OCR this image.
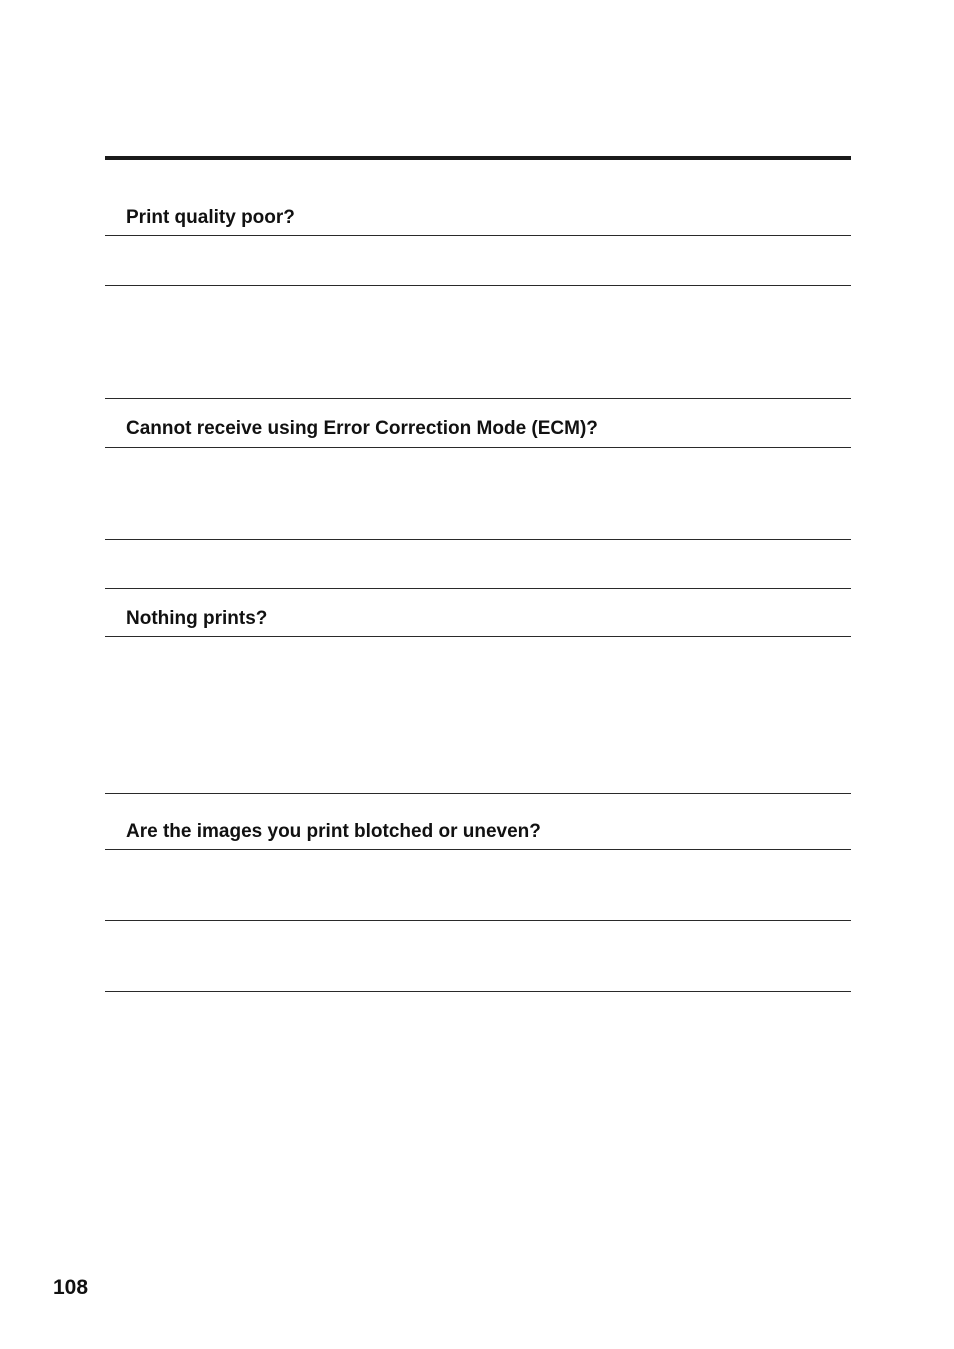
Print quality poor?
Cannot receive using Error Correction Mode (ECM)?
Nothing prints?
Are the images you print blotched or uneven?
108
